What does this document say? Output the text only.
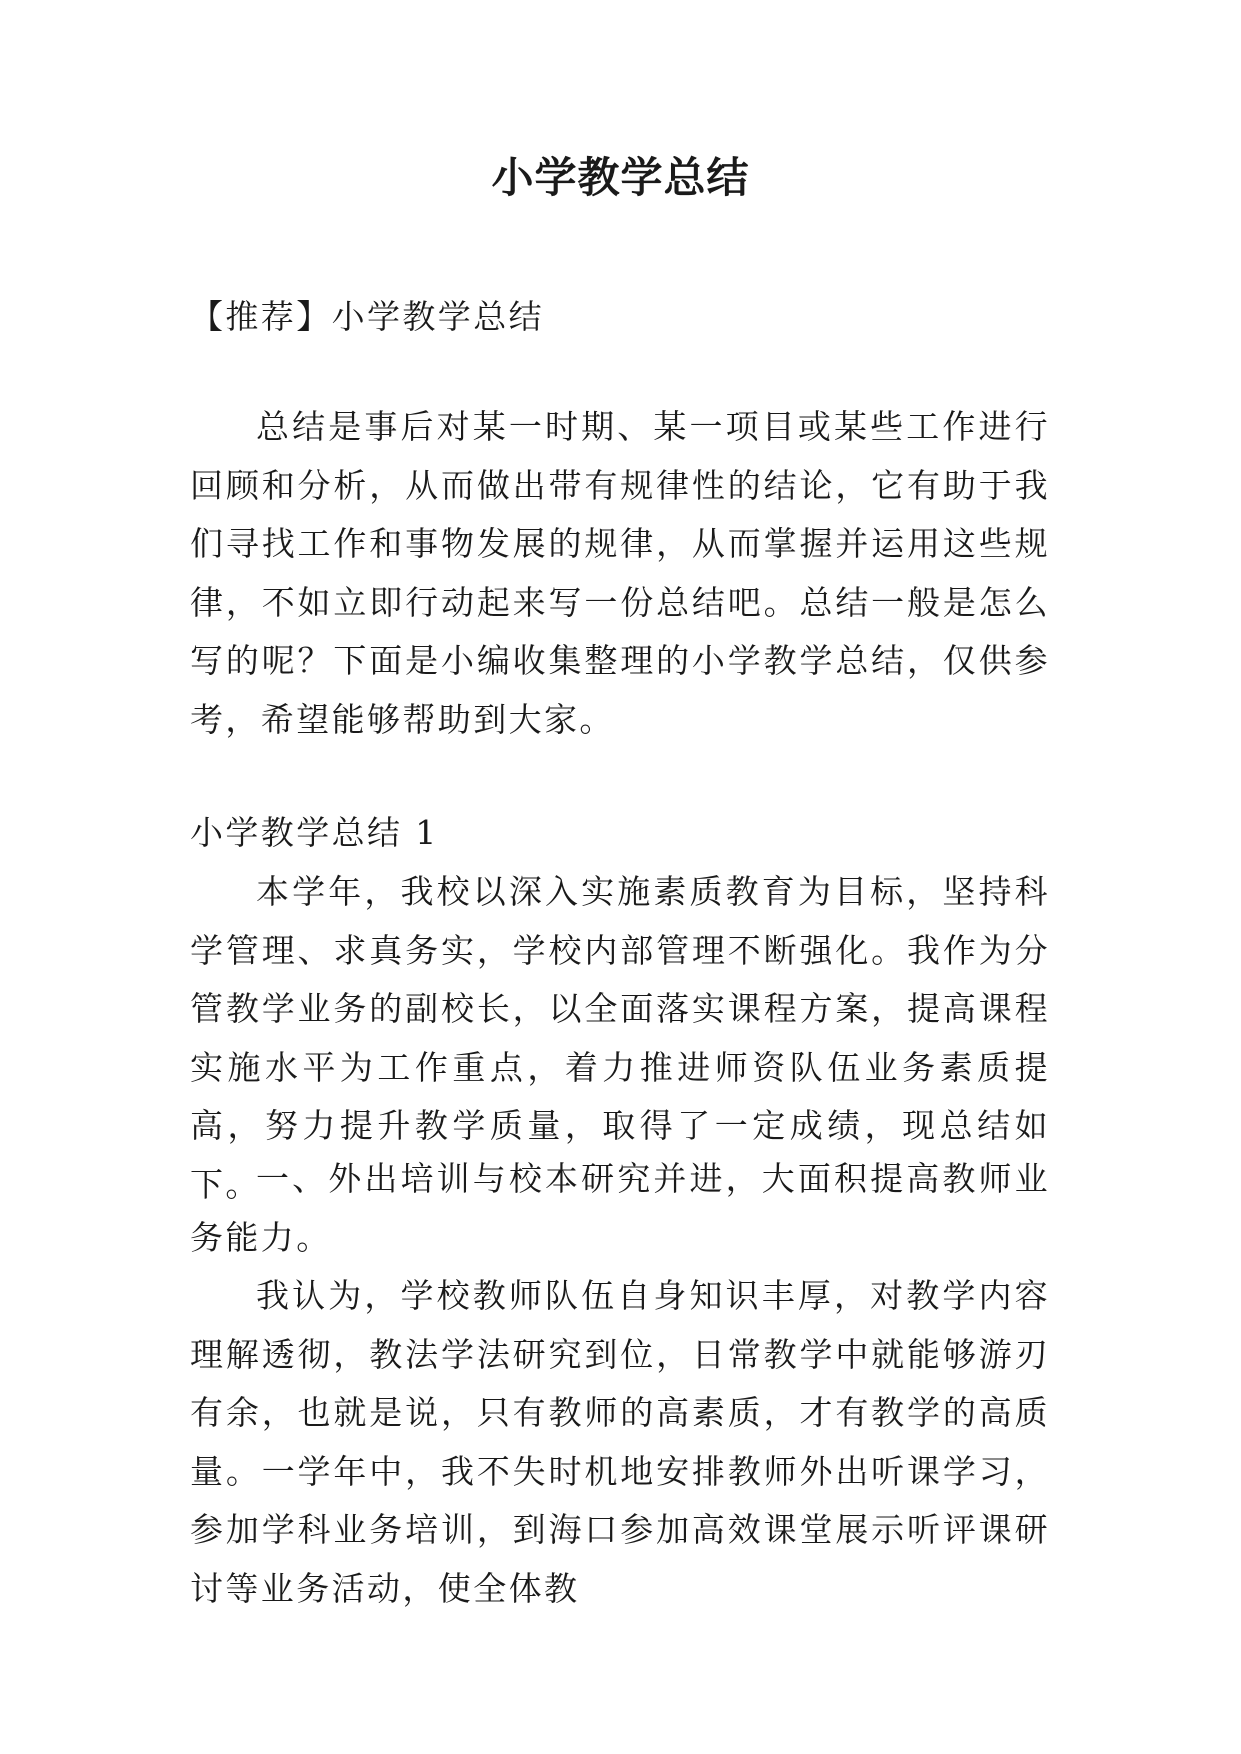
小学教学总结

【推荐】小学教学总结

总结是事后对某一时期、某一项目或某些工作进行回顾和分析，从而做出带有规律性的结论，它有助于我们寻找工作和事物发展的规律，从而掌握并运用这些规律，不如立即行动起来写一份总结吧。总结一般是怎么写的呢？下面是小编收集整理的小学教学总结，仅供参考，希望能够帮助到大家。

小学教学总结 1

本学年，我校以深入实施素质教育为目标，坚持科学管理、求真务实，学校内部管理不断强化。我作为分管教学业务的副校长，以全面落实课程方案，提高课程实施水平为工作重点，着力推进师资队伍业务素质提高，努力提升教学质量，取得了一定成绩，现总结如下。

一、外出培训与校本研究并进，大面积提高教师业务能力。

我认为，学校教师队伍自身知识丰厚，对教学内容理解透彻，教法学法研究到位，日常教学中就能够游刃有余，也就是说，只有教师的高素质，才有教学的高质量。一学年中，我不失时机地安排教师外出听课学习，参加学科业务培训，到海口参加高效课堂展示听评课研讨等业务活动，使全体教
